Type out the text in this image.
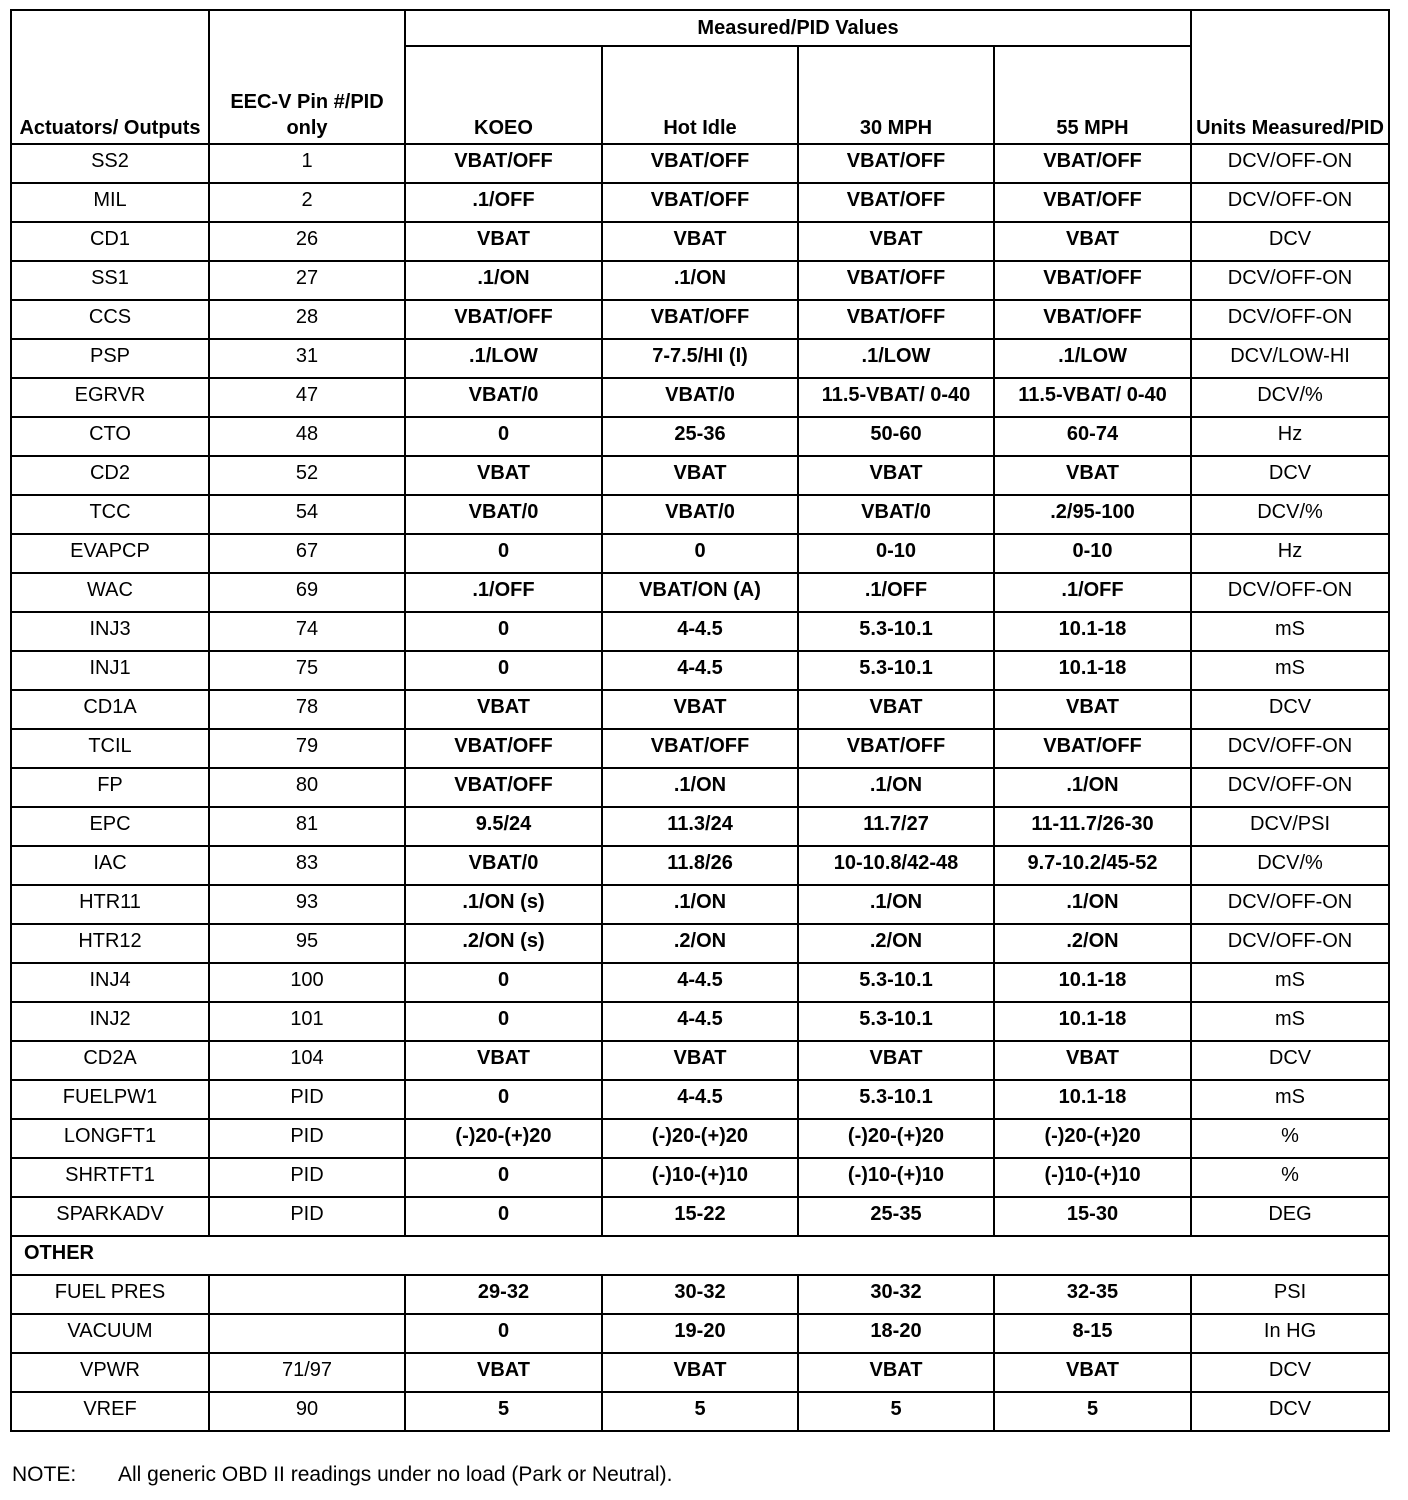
Actuators/ Outputs	EEC-V Pin #/PID only	Measured/PID Values				Units Measured/PID
		KOEO	Hot Idle	30 MPH	55 MPH	
SS2	1	VBAT/OFF	VBAT/OFF	VBAT/OFF	VBAT/OFF	DCV/OFF-ON
MIL	2	.1/OFF	VBAT/OFF	VBAT/OFF	VBAT/OFF	DCV/OFF-ON
CD1	26	VBAT	VBAT	VBAT	VBAT	DCV
SS1	27	.1/ON	.1/ON	VBAT/OFF	VBAT/OFF	DCV/OFF-ON
CCS	28	VBAT/OFF	VBAT/OFF	VBAT/OFF	VBAT/OFF	DCV/OFF-ON
PSP	31	.1/LOW	7-7.5/HI (I)	.1/LOW	.1/LOW	DCV/LOW-HI
EGRVR	47	VBAT/0	VBAT/0	11.5-VBAT/ 0-40	11.5-VBAT/ 0-40	DCV/%
CTO	48	0	25-36	50-60	60-74	Hz
CD2	52	VBAT	VBAT	VBAT	VBAT	DCV
TCC	54	VBAT/0	VBAT/0	VBAT/0	.2/95-100	DCV/%
EVAPCP	67	0	0	0-10	0-10	Hz
WAC	69	.1/OFF	VBAT/ON (A)	.1/OFF	.1/OFF	DCV/OFF-ON
INJ3	74	0	4-4.5	5.3-10.1	10.1-18	mS
INJ1	75	0	4-4.5	5.3-10.1	10.1-18	mS
CD1A	78	VBAT	VBAT	VBAT	VBAT	DCV
TCIL	79	VBAT/OFF	VBAT/OFF	VBAT/OFF	VBAT/OFF	DCV/OFF-ON
FP	80	VBAT/OFF	.1/ON	.1/ON	.1/ON	DCV/OFF-ON
EPC	81	9.5/24	11.3/24	11.7/27	11-11.7/26-30	DCV/PSI
IAC	83	VBAT/0	11.8/26	10-10.8/42-48	9.7-10.2/45-52	DCV/%
HTR11	93	.1/ON (s)	.1/ON	.1/ON	.1/ON	DCV/OFF-ON
HTR12	95	.2/ON (s)	.2/ON	.2/ON	.2/ON	DCV/OFF-ON
INJ4	100	0	4-4.5	5.3-10.1	10.1-18	mS
INJ2	101	0	4-4.5	5.3-10.1	10.1-18	mS
CD2A	104	VBAT	VBAT	VBAT	VBAT	DCV
FUELPW1	PID	0	4-4.5	5.3-10.1	10.1-18	mS
LONGFT1	PID	(-)20-(+)20	(-)20-(+)20	(-)20-(+)20	(-)20-(+)20	%
SHRTFT1	PID	0	(-)10-(+)10	(-)10-(+)10	(-)10-(+)10	%
SPARKADV	PID	0	15-22	25-35	15-30	DEG
OTHER						
FUEL PRES		29-32	30-32	30-32	32-35	PSI
VACUUM		0	19-20	18-20	8-15	In HG
VPWR	71/97	VBAT	VBAT	VBAT	VBAT	DCV
VREF	90	5	5	5	5	DCV
NOTE: All generic OBD II readings under no load (Park or Neutral).
